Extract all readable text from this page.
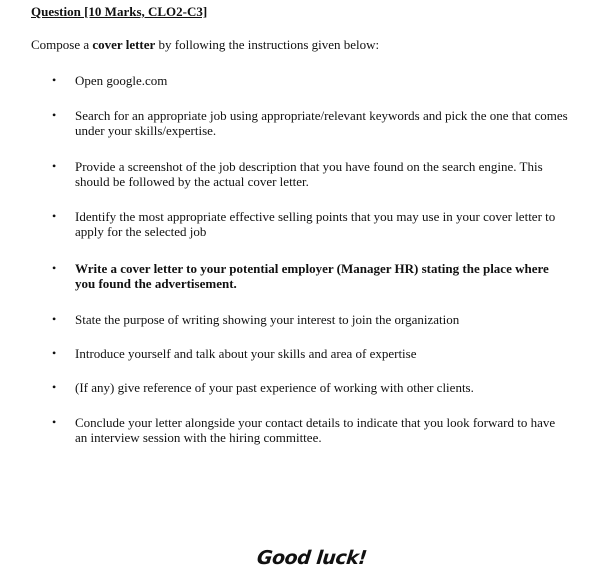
Question [10 Marks, CLO2-C3]
Compose a cover letter by following the instructions given below:
• Open google.com
• Search for an appropriate job using appropriate/relevant keywords and pick the one that comes under your skills/expertise.
• Provide a screenshot of the job description that you have found on the search engine. This should be followed by the actual cover letter.
• Identify the most appropriate effective selling points that you may use in your cover letter to apply for the selected job
• Write a cover letter to your potential employer (Manager HR) stating the place where you found the advertisement.
• State the purpose of writing showing your interest to join the organization
• Introduce yourself and talk about your skills and area of expertise
• (If any) give reference of your past experience of working with other clients.
• Conclude your letter alongside your contact details to indicate that you look forward to have an interview session with the hiring committee.
Good luck!
